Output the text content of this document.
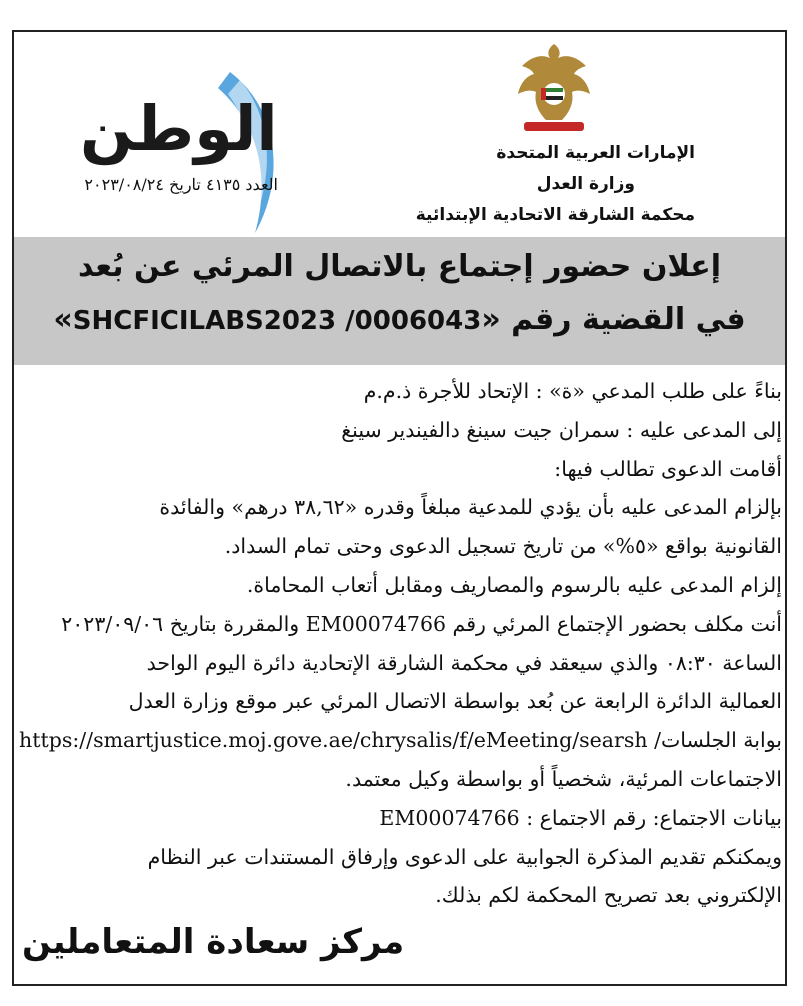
الوطن
العدد ٤١٣٥ تاريخ ٢٠٢٣/٠٨/٢٤
الإمارات العربية المتحدة
وزارة العدل
محكمة الشارقة الاتحادية الإبتدائية
إعلان حضور إجتماع بالاتصال المرئي عن بُعد
في القضية رقم «SHCFICILABS2023 /0006043»

بناءً على طلب المدعي «ة» : الإتحاد للأجرة ذ.م.م

إلى المدعى عليه : سمران جيت سينغ دالفيندير سينغ

أقامت الدعوى تطالب فيها:

بإلزام المدعى عليه بأن يؤدي للمدعية مبلغاً وقدره «٣٨,٦٢ درهم» والفائدة

القانونية بواقع «٥%» من تاريخ تسجيل الدعوى وحتى تمام السداد.

إلزام المدعى عليه بالرسوم والمصاريف ومقابل أتعاب المحاماة.

أنت مكلف بحضور الإجتماع المرئي رقم EM00074766 والمقررة بتاريخ ٢٠٢٣/٠٩/٠٦

الساعة ٠٨:٣٠ والذي سيعقد في محكمة الشارقة الإتحادية دائرة اليوم الواحد

العمالية الدائرة الرابعة عن بُعد بواسطة الاتصال المرئي عبر موقع وزارة العدل

بوابة الجلسات/ https://smartjustice.moj.gove.ae/chrysalis/f/eMeeting/searsh

الاجتماعات المرئية، شخصياً أو بواسطة وكيل معتمد.

بيانات الاجتماع: رقم الاجتماع : EM00074766

ويمكنكم تقديم المذكرة الجوابية على الدعوى وإرفاق المستندات عبر النظام

الإلكتروني بعد تصريح المحكمة لكم بذلك.

مركز سعادة المتعاملين
